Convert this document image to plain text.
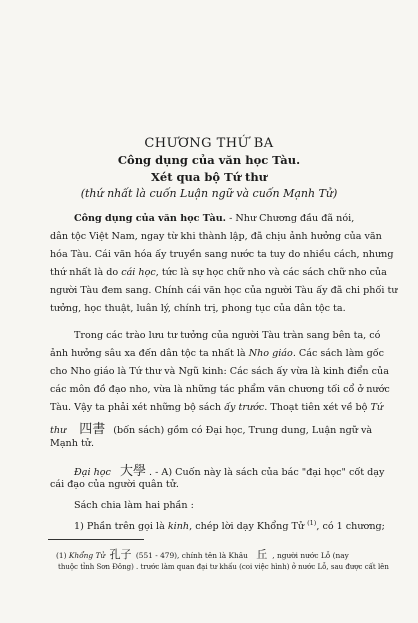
CHƯƠNG THỨ BA
Công dụng của văn học Tàu.
Xét qua bộ Tứ thư
(thứ nhất là cuốn Luận ngữ và cuốn Mạnh Tử)
Công dụng của văn học Tàu. - Như Chương đầu đã nói,
dân tộc Việt Nam, ngay từ khi thành lập, đã chịu ảnh hưởng của văn
hóa Tàu. Cái văn hóa ấy truyền sang nước ta tuy do nhiều cách, nhưng
thứ nhất là do cái học, tức là sự học chữ nho và các sách chữ nho của
người Tàu đem sang. Chính cái văn học của người Tàu ấy đã chi phối tư
tưởng, học thuật, luân lý, chính trị, phong tục của dân tộc ta.
Trong các trào lưu tư tưởng của người Tàu tràn sang bên ta, có
ảnh hưởng sâu xa đến dân tộc ta nhất là Nho giáo. Các sách làm gốc
cho Nho giáo là Tứ thư và Ngũ kinh: Các sách ấy vừa là kinh điển của
các môn đồ đạo nho, vừa là những tác phẩm văn chương tối cổ ở nước
Tàu. Vậy ta phải xét những bộ sách ấy trước. Thoạt tiên xét về bộ Tứ
thư 四書 (bốn sách) gồm có Đại học, Trung dung, Luận ngữ và
Mạnh tử.
Đại học 大學 . - A) Cuốn này là sách của bác "đại học" cốt dạy
cái đạo của người quân tử.
Sách chia làm hai phần :
1) Phần trên gọi là kinh, chép lời dạy Khổng Tử $^{(1)}$, có 1 chương;
(1) Khổng Tử 孔子 (551 - 479), chính tên là Khâu 丘 , người nước Lỗ (nay
thuộc tỉnh Sơn Đông) . trước làm quan đại tư khấu (coi việc hình) ở nước Lỗ, sau được cất lên
